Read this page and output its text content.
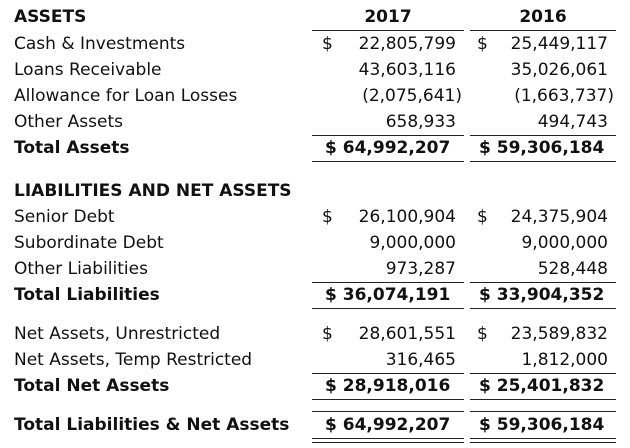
ASSETS	2017	2016
Cash & Investments	$ 22,805,799 $ 25,449,117
Loans Receivable	43,603,116	35,026,061
Allowance for Loan Losses	(2,075,641)	(1,663,737)
Other Assets	658,933	494,743
Total Assets	$ 64,992,207 $ 59,306,184
LIABILITIES AND NET ASSETS
Senior Debt	$ 26,100,904 $ 24,375,904
Subordinate Debt	9,000,000	9,000,000
Other Liabilities	973,287	528,448
Total Liabilities	$ 36,074,191 $ 33,904,352
Net Assets, Unrestricted	$ 28,601,551 $ 23,589,832
Net Assets, Temp Restricted	316,465	1,812,000
Total Net Assets	$ 28,918,016 $ 25,401,832
Total Liabilities & Net Assets $ 64,992,207 $ 59,306,184
